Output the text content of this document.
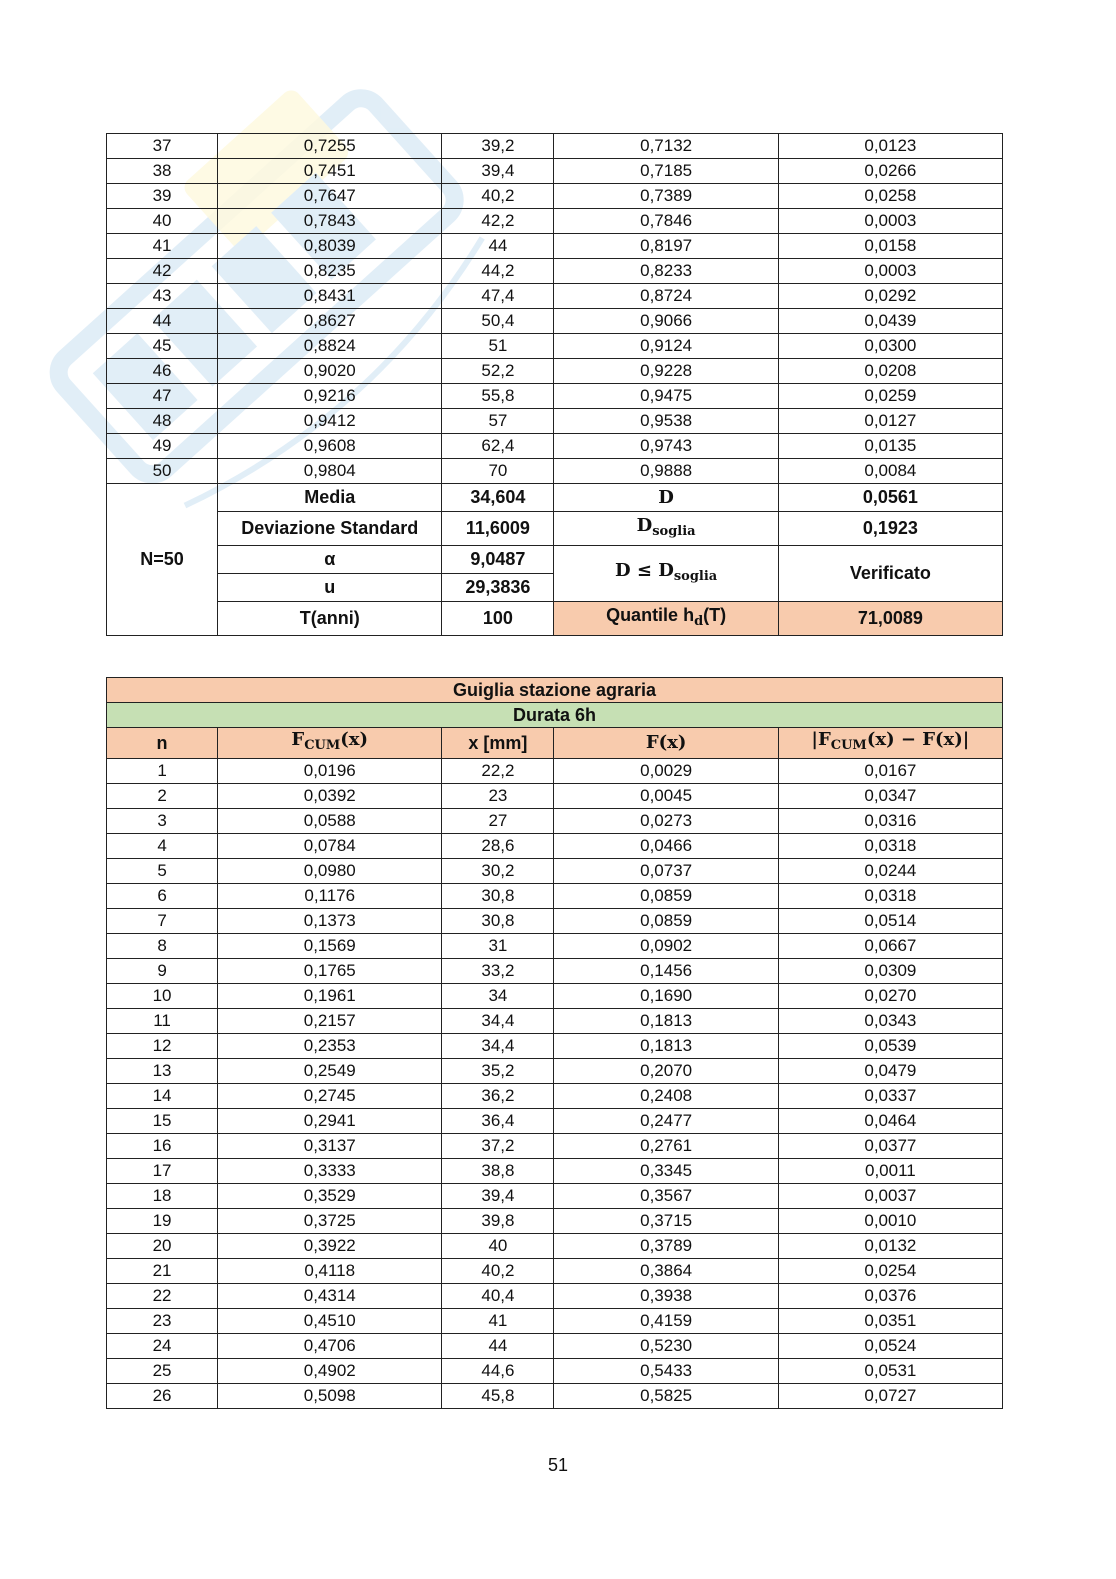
37	0,7255	39,2	0,7132	0,0123
38	0,7451	39,4	0,7185	0,0266
39	0,7647	40,2	0,7389	0,0258
40	0,7843	42,2	0,7846	0,0003
41	0,8039	44	0,8197	0,0158
42	0,8235	44,2	0,8233	0,0003
43	0,8431	47,4	0,8724	0,0292
44	0,8627	50,4	0,9066	0,0439
45	0,8824	51	0,9124	0,0300
46	0,9020	52,2	0,9228	0,0208
47	0,9216	55,8	0,9475	0,0259
48	0,9412	57	0,9538	0,0127
49	0,9608	62,4	0,9743	0,0135
50	0,9804	70	0,9888	0,0084
N=50	Media	34,604	D	0,0561
	Deviazione Standard	11,6009	$D_{soglia}$	0,1923
	α	9,0487	$D \le D_{soglia}$	Verificato
	u	29,3836		
	T(anni)	100	Quantile $h_d(T)$	71,0089
Guiglia stazione agraria				
Durata 6h				
n	$F_{CUM}(x)$	x [mm]	F(x)	$|F_{CUM}(x) - F(x)|$
1	0,0196	22,2	0,0029	0,0167
2	0,0392	23	0,0045	0,0347
3	0,0588	27	0,0273	0,0316
4	0,0784	28,6	0,0466	0,0318
5	0,0980	30,2	0,0737	0,0244
6	0,1176	30,8	0,0859	0,0318
7	0,1373	30,8	0,0859	0,0514
8	0,1569	31	0,0902	0,0667
9	0,1765	33,2	0,1456	0,0309
10	0,1961	34	0,1690	0,0270
11	0,2157	34,4	0,1813	0,0343
12	0,2353	34,4	0,1813	0,0539
13	0,2549	35,2	0,2070	0,0479
14	0,2745	36,2	0,2408	0,0337
15	0,2941	36,4	0,2477	0,0464
16	0,3137	37,2	0,2761	0,0377
17	0,3333	38,8	0,3345	0,0011
18	0,3529	39,4	0,3567	0,0037
19	0,3725	39,8	0,3715	0,0010
20	0,3922	40	0,3789	0,0132
21	0,4118	40,2	0,3864	0,0254
22	0,4314	40,4	0,3938	0,0376
23	0,4510	41	0,4159	0,0351
24	0,4706	44	0,5230	0,0524
25	0,4902	44,6	0,5433	0,0531
26	0,5098	45,8	0,5825	0,0727
51
